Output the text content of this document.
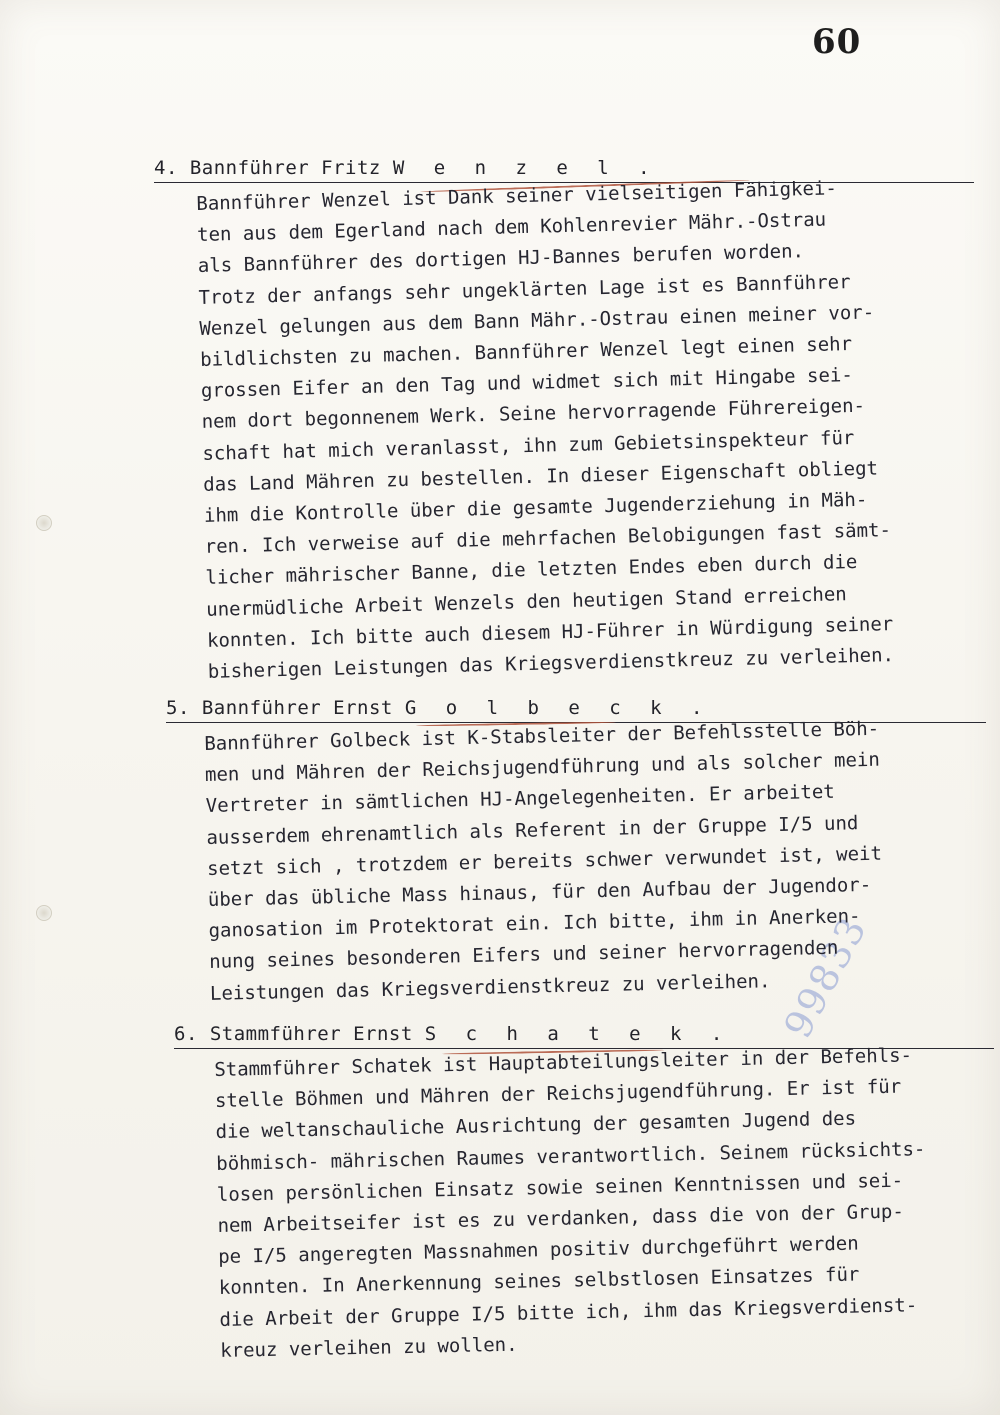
60
99833
4. Bannführer Fritz W e n z e l .
Bannführer Wenzel ist Dank seiner vielseitigen Fähigkei-
ten aus dem Egerland nach dem Kohlenrevier Mähr.-Ostrau
als Bannführer des dortigen HJ-Bannes berufen worden.
Trotz der anfangs sehr ungeklärten Lage ist es Bannführer
Wenzel gelungen aus dem Bann Mähr.-Ostrau einen meiner vor-
bildlichsten zu machen. Bannführer Wenzel legt einen sehr
grossen Eifer an den Tag und widmet sich mit Hingabe sei-
nem dort begonnenem Werk. Seine hervorragende Führereigen-
schaft hat mich veranlasst, ihn zum Gebietsinspekteur für
das Land Mähren zu bestellen. In dieser Eigenschaft obliegt
ihm die Kontrolle über die gesamte Jugenderziehung in Mäh-
ren. Ich verweise auf die mehrfachen Belobigungen fast sämt-
licher mährischer Banne, die letzten Endes eben durch die
unermüdliche Arbeit Wenzels den heutigen Stand erreichen
konnten. Ich bitte auch diesem HJ-Führer in Würdigung seiner
bisherigen Leistungen das Kriegsverdienstkreuz zu verleihen.
5. Bannführer Ernst G o l b e c k .
Bannführer Golbeck ist K-Stabsleiter der Befehlsstelle Böh-
men und Mähren der Reichsjugendführung und als solcher mein
Vertreter in sämtlichen HJ-Angelegenheiten. Er arbeitet
ausserdem ehrenamtlich als Referent in der Gruppe I/5 und
setzt sich , trotzdem er bereits schwer verwundet ist, weit
über das übliche Mass hinaus, für den Aufbau der Jugendor-
ganosation im Protektorat ein. Ich bitte, ihm in Anerken-
nung seines besonderen Eifers und seiner hervorragenden
Leistungen das Kriegsverdienstkreuz zu verleihen.
6. Stammführer Ernst S c h a t e k .
Stammführer Schatek ist Hauptabteilungsleiter in der Befehls-
stelle Böhmen und Mähren der Reichsjugendführung. Er ist für
die weltanschauliche Ausrichtung der gesamten Jugend des
böhmisch- mährischen Raumes verantwortlich. Seinem rücksichts-
losen persönlichen Einsatz sowie seinen Kenntnissen und sei-
nem Arbeitseifer ist es zu verdanken, dass die von der Grup-
pe I/5 angeregten Massnahmen positiv durchgeführt werden
konnten. In Anerkennung seines selbstlosen Einsatzes für
die Arbeit der Gruppe I/5 bitte ich, ihm das Kriegsverdienst-
kreuz verleihen zu wollen.
